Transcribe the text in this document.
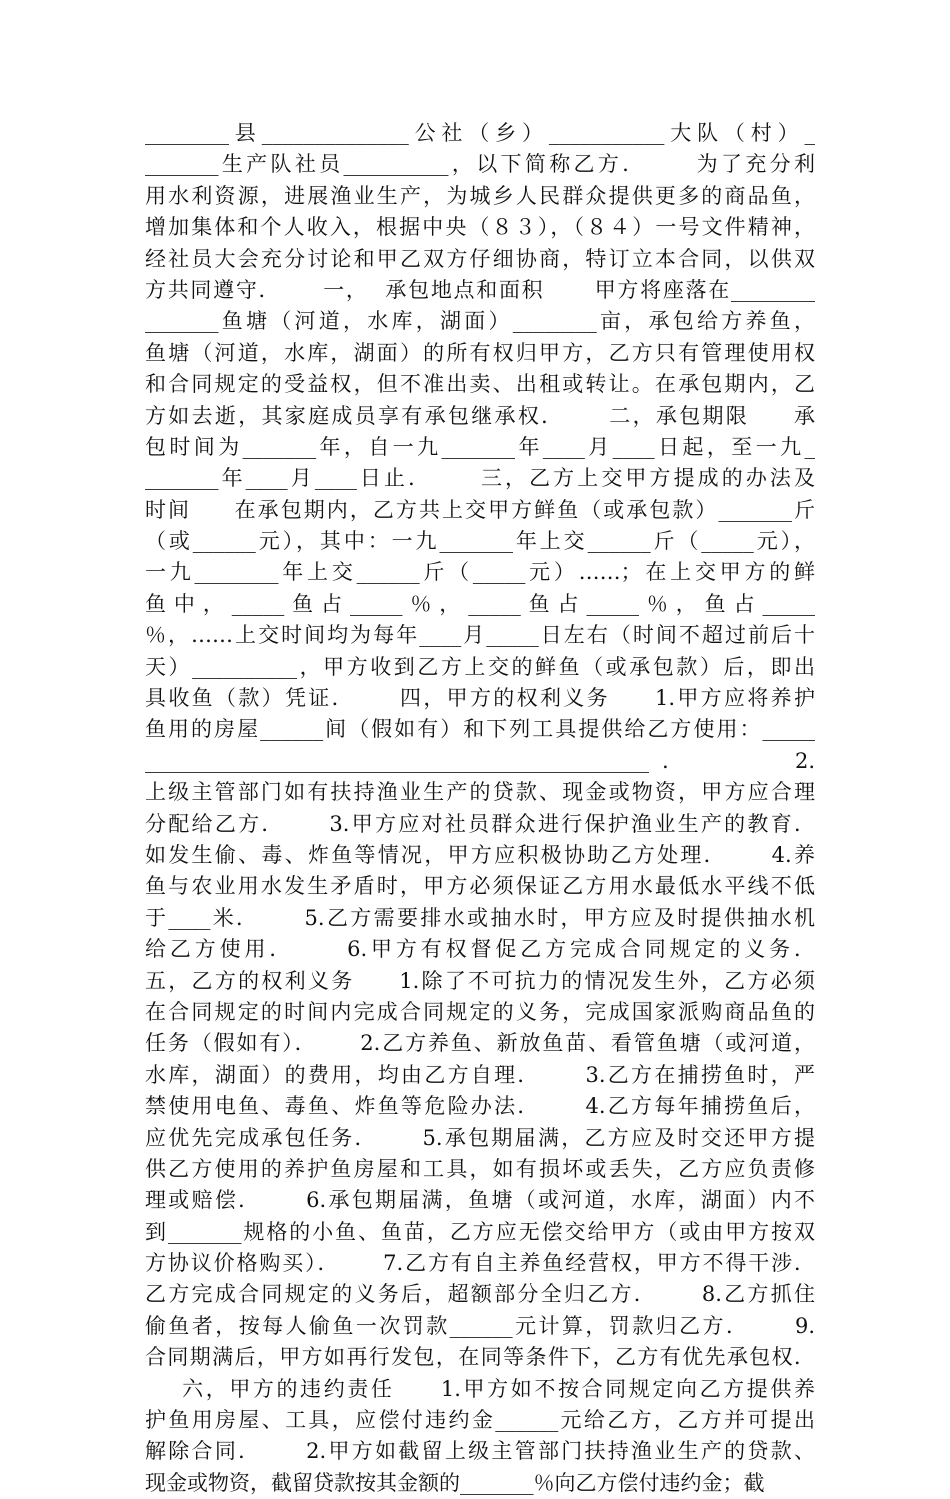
________县______________公社（乡）___________大队（村）_
_______生产队社员__________，以下简称乙方．     为了充分利
用水利资源，进展渔业生产，为城乡人民群众提供更多的商品鱼，
增加集体和个人收入，根据中央（８３），（８４）一号文件精神，
经社员大会充分讨论和甲乙双方仔细协商，特订立本合同，以供双
方共同遵守．     一，  承包地点和面积      甲方将座落在________
_______鱼塘（河道，水库，湖面）________亩，承包给方养鱼，
鱼塘（河道，水库，湖面）的所有权归甲方，乙方只有管理使用权
和合同规定的受益权，但不准出卖、出租或转让。在承包期内，乙
方如去逝，其家庭成员享有承包继承权．     二，承包期限     承
包时间为_______年，自一九_______年____月____日起，至一九_
_______年____月____日止．     三，乙方上交甲方提成的办法及
时间     在承包期内，乙方共上交甲方鲜鱼（或承包款）_______斤
（或______元），其中：一九_______年上交______斤（_____元），
一九________年上交______斤（_____元）……；在上交甲方的鲜
鱼中，_____鱼占_____％，_____鱼占_____％，鱼占_____
％，……上交时间均为每年____月_____日左右（时间不超过前后十
天）__________，甲方收到乙方上交的鲜鱼（或承包款）后，即出
具收鱼（款）凭证．     四，甲方的权利义务     1.甲方应将养护
鱼用的房屋______间（假如有）和下列工具提供给乙方使用：_____
________________________________________________．     2.
上级主管部门如有扶持渔业生产的贷款、现金或物资，甲方应合理
分配给乙方．     3.甲方应对社员群众进行保护渔业生产的教育．
如发生偷、毒、炸鱼等情况，甲方应积极协助乙方处理．     4.养
鱼与农业用水发生矛盾时，甲方必须保证乙方用水最低水平线不低
于____米．     5.乙方需要排水或抽水时，甲方应及时提供抽水机
给乙方使用．     6.甲方有权督促乙方完成合同规定的义务．
五，乙方的权利义务     1.除了不可抗力的情况发生外，乙方必须
在合同规定的时间内完成合同规定的义务，完成国家派购商品鱼的
任务（假如有）．     2.乙方养鱼、新放鱼苗、看管鱼塘（或河道，
水库，湖面）的费用，均由乙方自理．     3.乙方在捕捞鱼时，严
禁使用电鱼、毒鱼、炸鱼等危险办法．     4.乙方每年捕捞鱼后，
应优先完成承包任务．     5.承包期届满，乙方应及时交还甲方提
供乙方使用的养护鱼房屋和工具，如有损坏或丢失，乙方应负责修
理或赔偿．     6.承包期届满，鱼塘（或河道，水库，湖面）内不
到_______规格的小鱼、鱼苗，乙方应无偿交给甲方（或由甲方按双
方协议价格购买）．     7.乙方有自主养鱼经营权，甲方不得干涉．
乙方完成合同规定的义务后，超额部分全归乙方．     8.乙方抓住
偷鱼者，按每人偷鱼一次罚款______元计算，罚款归乙方．     9.
合同期满后，甲方如再行发包，在同等条件下，乙方有优先承包权．
六，甲方的违约责任     1.甲方如不按合同规定向乙方提供养
护鱼用房屋、工具，应偿付违约金______元给乙方，乙方并可提出
解除合同．     2.甲方如截留上级主管部门扶持渔业生产的贷款、
现金或物资，截留贷款按其金额的_______％向乙方偿付违约金；截
